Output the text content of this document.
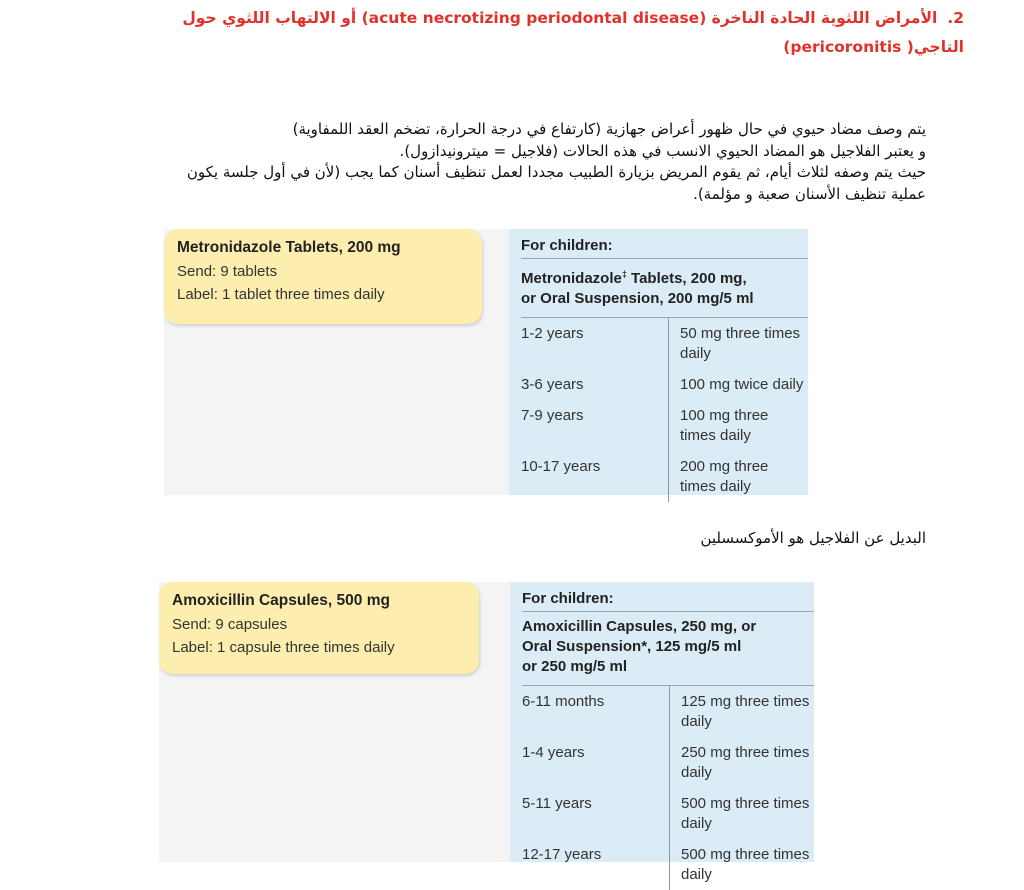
2.الأمراض اللثوية الحادة الناخرة (acute necrotizing periodontal disease) أو الالتهاب اللثوي حول
التاجي( pericoronitis)

يتم وصف مضاد حيوي في حال ظهور أعراض جهازية (كارتفاع في درجة الحرارة، تضخم العقد اللمفاوية)

و يعتبر الفلاجيل هو المضاد الحيوي الانسب في هذه الحالات (فلاجيل = ميترونيدازول).

حيث يتم وصفه لثلاث أيام، ثم يقوم المريض بزيارة الطبيب مجددا لعمل تنظيف أسنان كما يجب (لأن في أول جلسة يكون

عملية تنظيف الأسنان صعبة و مؤلمة).

Metronidazole Tablets, 200 mg
Send: 9 tablets
Label: 1 tablet three times daily
For children:
Metronidazole‡ Tablets, 200 mg,
or Oral Suspension, 200 mg/5 ml
1-2 years	50 mg three times daily
3-6 years	100 mg twice daily
7-9 years	100 mg three times daily
10-17 years	200 mg three times daily
البديل عن الفلاجيل هو الأموكسسلين
Amoxicillin Capsules, 500 mg
Send: 9 capsules
Label: 1 capsule three times daily
For children:
Amoxicillin Capsules, 250 mg, or
Oral Suspension*, 125 mg/5 ml
or 250 mg/5 ml
6-11 months	125 mg three times daily
1-4 years	250 mg three times daily
5-11 years	500 mg three times daily
12-17 years	500 mg three times daily
